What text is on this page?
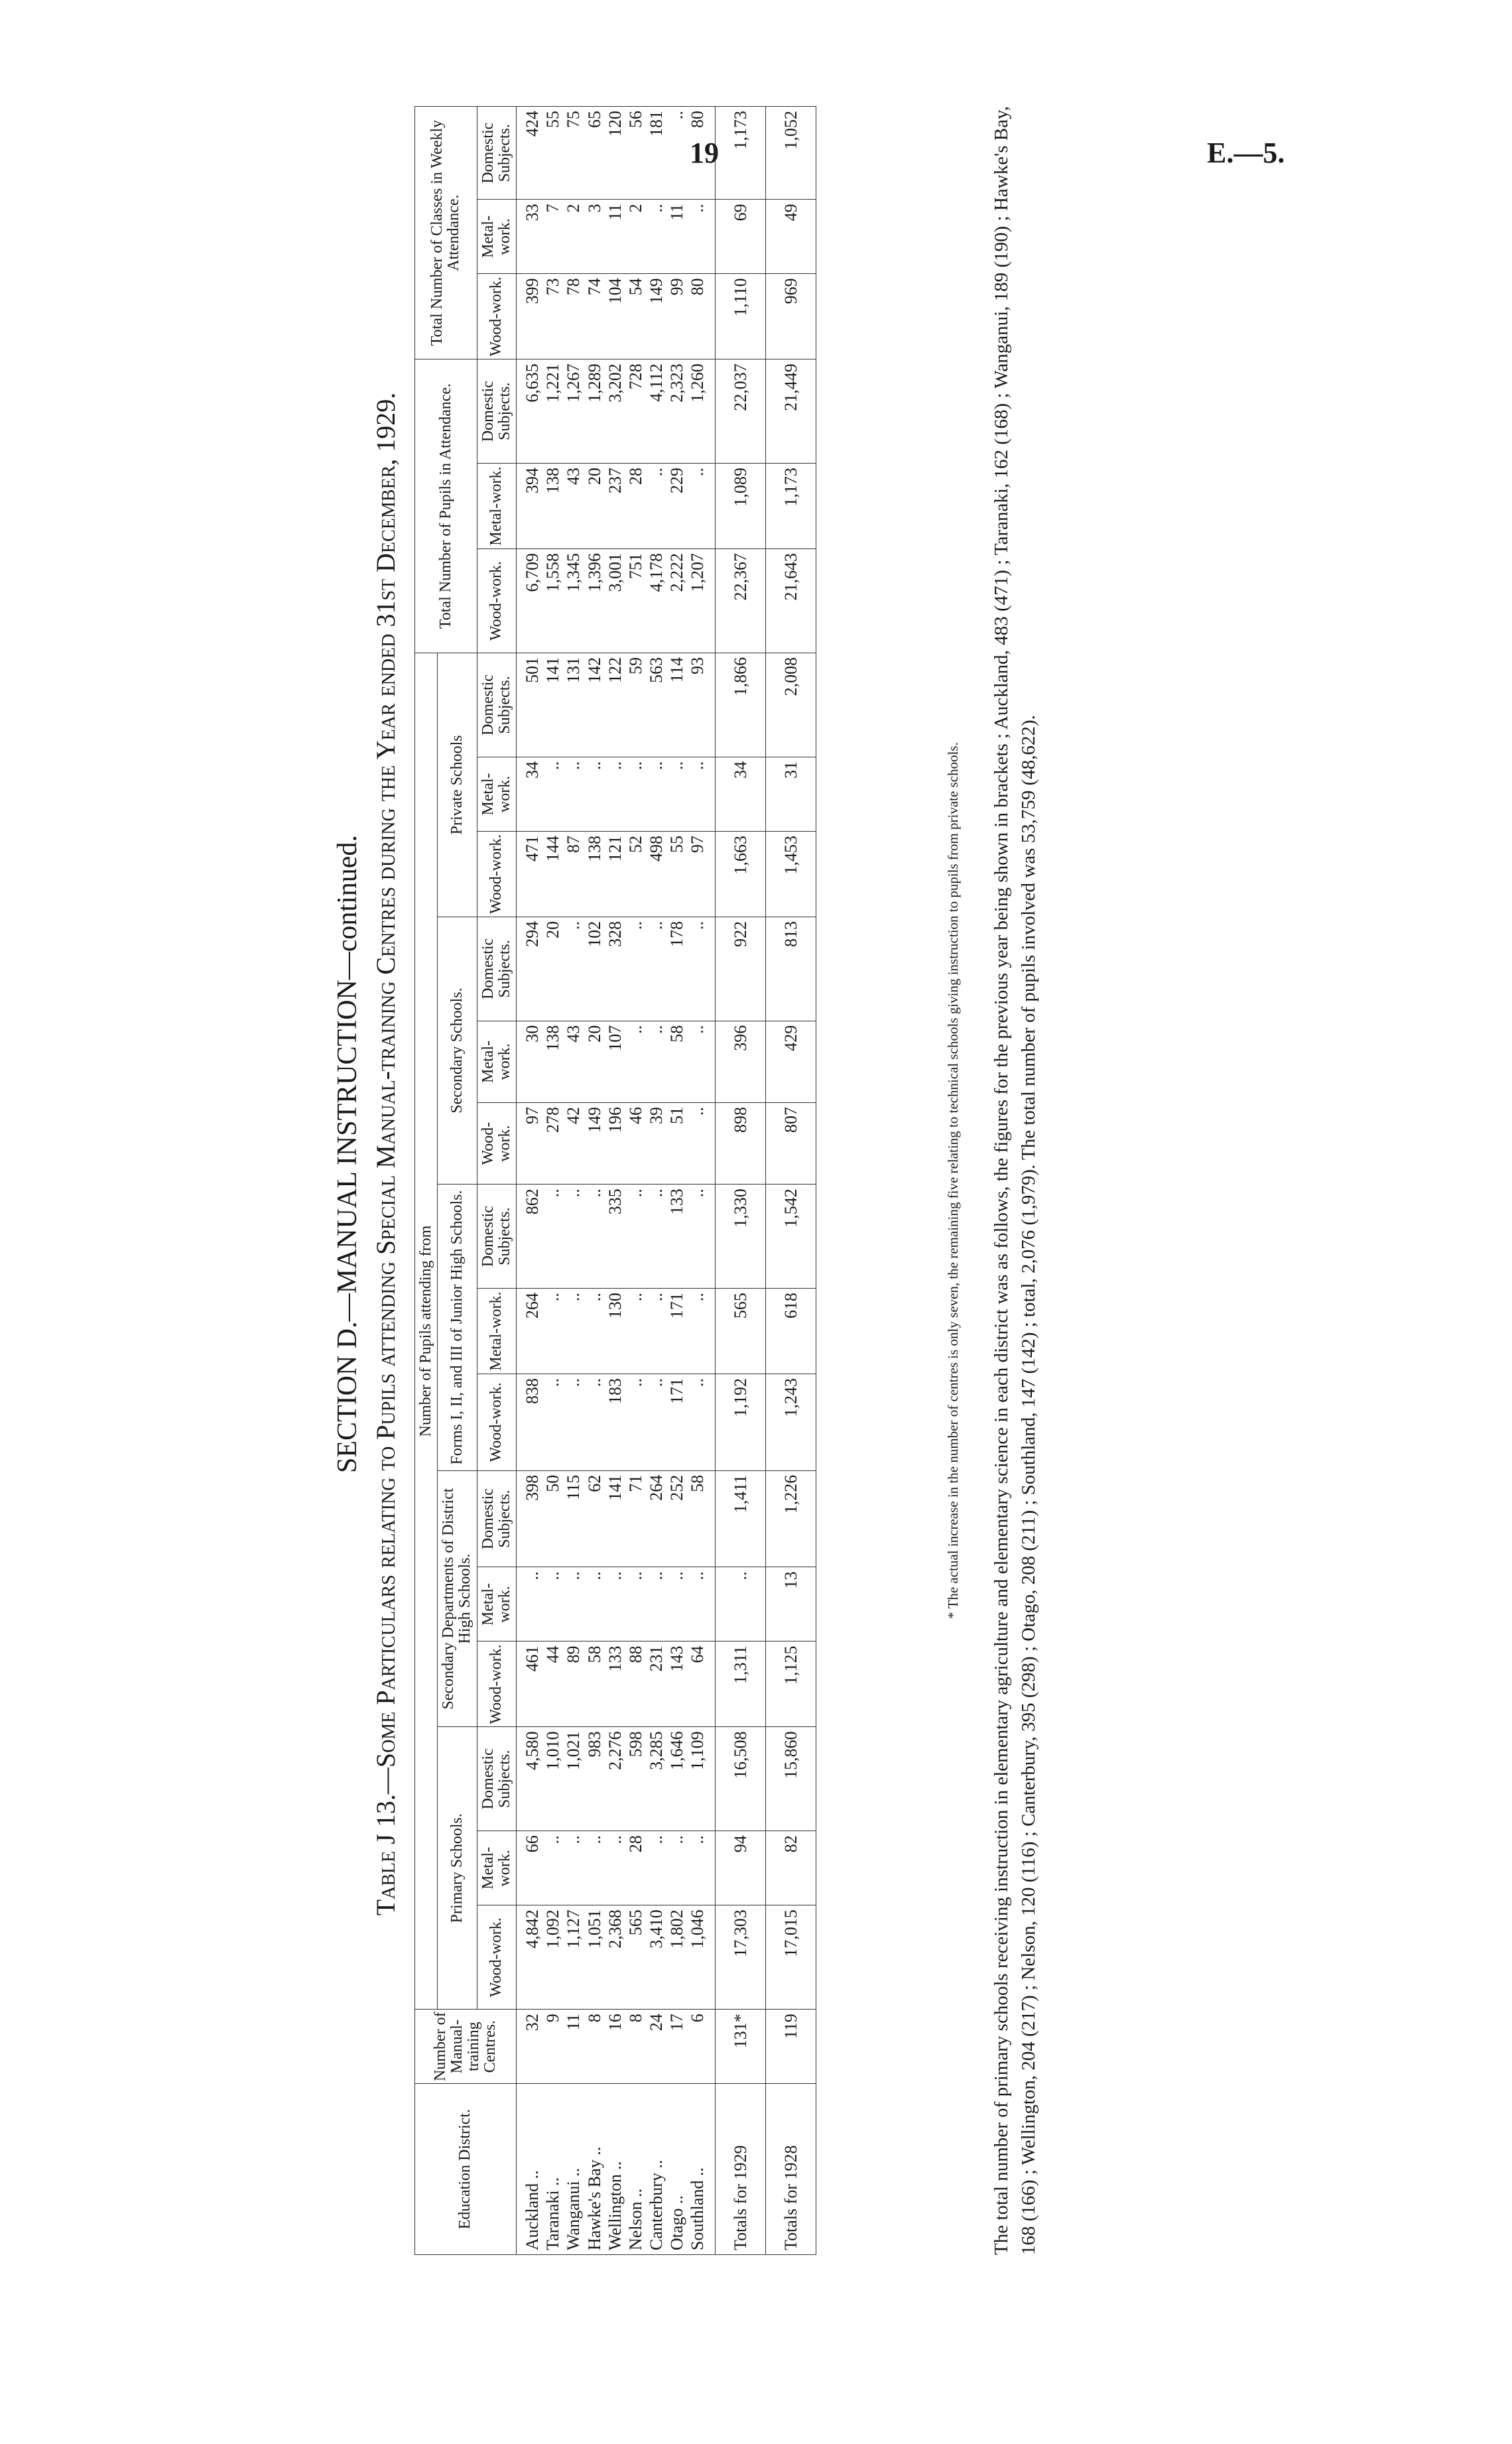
19	E.—5.
SECTION D.—MANUAL INSTRUCTION—continued. Table J 13.—Some Particulars relating to Pupils attending Special Manual-training Centres during the Year ended 31st December, 1929.
Education District.	Number of Manual-training Centres.	Number of Pupils attending from															Total Number of Pupils in Attendance.			Total Number of Classes in Weekly Attendance.		
		Primary Schools.			Secondary Departments of District High Schools.			Forms I, II, and III of Junior High Schools.			Secondary Schools.			Private Schools								
		Wood-work.	Metal-work.	Domestic Subjects.	Wood-work.	Metal-work.	Domestic Subjects.	Wood-work.	Metal-work.	Domestic Subjects.	Wood-work.	Metal-work.	Domestic Subjects.	Wood-work.	Metal-work.	Domestic Subjects.	Wood-work.	Metal-work.	Domestic Subjects.	Wood-work.	Metal-work.	Domestic Subjects.
Auckland ..	32	4,842	66	4,580	461	..	398	838	264	862	97	30	294	471	34	501	6,709	394	6,635	399	33	424
Taranaki ..	9	1,092	..	1,010	44	..	50	..	..	..	278	138	20	144	..	141	1,558	138	1,221	73	7	55
Wanganui ..	11	1,127	..	1,021	89	..	115	..	..	..	42	43	..	87	..	131	1,345	43	1,267	78	2	75
Hawke's Bay ..	8	1,051	..	983	58	..	62	..	..	..	149	20	102	138	..	142	1,396	20	1,289	74	3	65
Wellington ..	16	2,368	..	2,276	133	..	141	183	130	335	196	107	328	121	..	122	3,001	237	3,202	104	11	120
Nelson ..	8	565	28	598	88	..	71	..	..	..	46	..	..	52	..	59	751	28	728	54	2	56
Canterbury ..	24	3,410	..	3,285	231	..	264	..	..	..	39	..	..	498	..	563	4,178	..	4,112	149	..	181
Otago ..	17	1,802	..	1,646	143	..	252	171	171	133	51	58	178	55	..	114	2,222	229	2,323	99	11	..
Southland ..	6	1,046	..	1,109	64	..	58	..	..	..	..	..	..	97	..	93	1,207	..	1,260	80	..	80
Totals for 1929	131*	17,303	94	16,508	1,311	..	1,411	1,192	565	1,330	898	396	922	1,663	34	1,866	22,367	1,089	22,037	1,110	69	1,173
Totals for 1928	119	17,015	82	15,860	1,125	13	1,226	1,243	618	1,542	807	429	813	1,453	31	2,008	21,643	1,173	21,449	969	49	1,052
* The actual increase in the number of centres is only seven, the remaining five relating to technical schools giving instruction to pupils from private schools. The total number of primary schools receiving instruction in elementary agriculture and elementary science in each district was as follows, the figures for the previous year being shown in brackets ; Auckland, 483 (471) ; Taranaki, 162 (168) ; Wanganui, 189 (190) ; Hawke's Bay, 168 (166) ; Wellington, 204 (217) ; Nelson, 120 (116) ; Canterbury, 395 (298) ; Otago, 208 (211) ; Southland, 147 (142) ; total, 2,076 (1,979). The total number of pupils involved was 53,759 (48,622).
